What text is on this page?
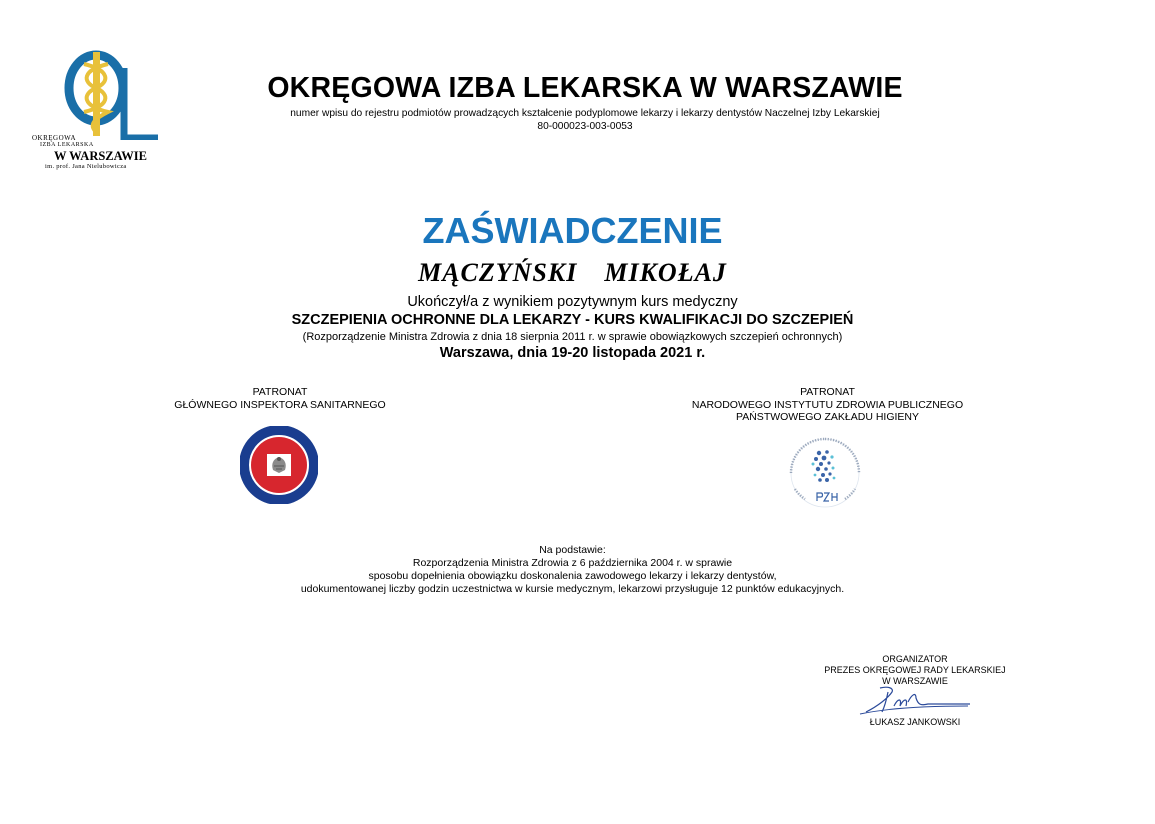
OKRĘGOWA
IZBA LEKARSKA
W WARSZAWIE
im. prof. Jana Nielubowicza
OKRĘGOWA IZBA LEKARSKA W WARSZAWIE
numer wpisu do rejestru podmiotów prowadzących kształcenie podyplomowe lekarzy i lekarzy dentystów Naczelnej Izby Lekarskiej
80-000023-003-0053
ZAŚWIADCZENIE
MĄCZYŃSKI  MIKOŁAJ
Ukończył/a z wynikiem pozytywnym kurs medyczny
SZCZEPIENIA OCHRONNE DLA LEKARZY - KURS KWALIFIKACJI DO SZCZEPIEŃ
(Rozporządzenie Ministra Zdrowia z dnia 18 sierpnia 2011 r. w sprawie obowiązkowych szczepień ochronnych)
Warszawa, dnia 19-20 listopada 2021 r.
PATRONAT
GŁÓWNEGO INSPEKTORA SANITARNEGO
PATRONAT
NARODOWEGO INSTYTUTU ZDROWIA PUBLICZNEGO
PAŃSTWOWEGO ZAKŁADU HIGIENY
Na podstawie:
Rozporządzenia Ministra Zdrowia z 6 października 2004 r. w sprawie
sposobu dopełnienia obowiązku doskonalenia zawodowego lekarzy i lekarzy dentystów,
udokumentowanej liczby godzin uczestnictwa w kursie medycznym, lekarzowi przysługuje 12 punktów edukacyjnych.
ORGANIZATOR
PREZES OKRĘGOWEJ RADY LEKARSKIEJ
W WARSZAWIE
ŁUKASZ JANKOWSKI
